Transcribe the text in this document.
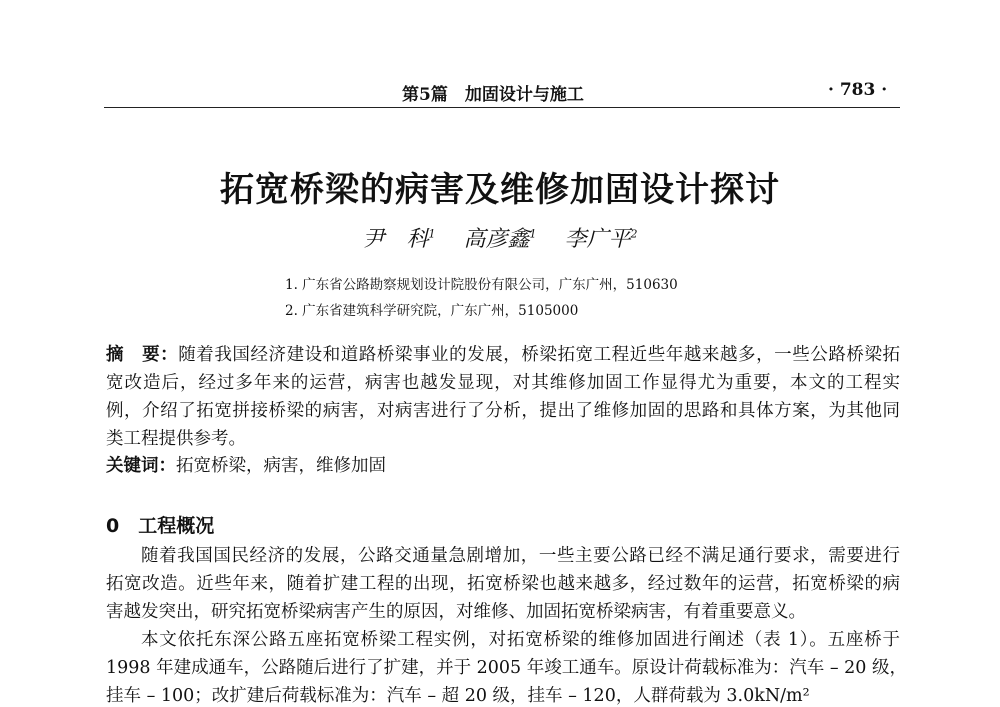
第5篇　加固设计与施工	· 783 ·
拓宽桥梁的病害及维修加固设计探讨
尹　科$^1$ 高彦鑫$^1$ 李广平$^2$
1. 广东省公路勘察规划设计院股份有限公司，广东广州，510630
2. 广东省建筑科学研究院，广东广州，5105000
摘　要：随着我国经济建设和道路桥梁事业的发展，桥梁拓宽工程近些年越来越多，一些公路桥梁拓
宽改造后，经过多年来的运营，病害也越发显现，对其维修加固工作显得尤为重要，本文的工程实
例，介绍了拓宽拼接桥梁的病害，对病害进行了分析，提出了维修加固的思路和具体方案，为其他同
类工程提供参考。
关键词：拓宽桥梁，病害，维修加固
0　工程概况
随着我国国民经济的发展，公路交通量急剧增加，一些主要公路已经不满足通行要求，需要进行
拓宽改造。近些年来，随着扩建工程的出现，拓宽桥梁也越来越多，经过数年的运营，拓宽桥梁的病
害越发突出，研究拓宽桥梁病害产生的原因，对维修、加固拓宽桥梁病害，有着重要意义。
本文依托东深公路五座拓宽桥梁工程实例，对拓宽桥梁的维修加固进行阐述（表 1）。五座桥于
1998 年建成通车，公路随后进行了扩建，并于 2005 年竣工通车。原设计荷载标准为：汽车 – 20 级，
挂车 – 100；改扩建后荷载标准为：汽车 – 超 20 级，挂车 – 120，人群荷载为 3.0kN/m²
